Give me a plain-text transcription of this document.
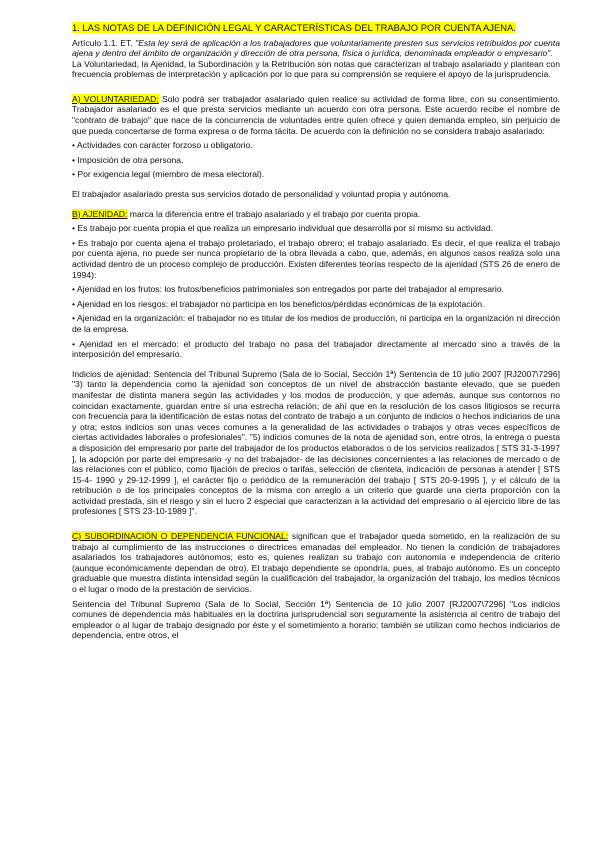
1. LAS NOTAS DE LA DEFINICIÓN LEGAL Y CARACTERÍSTICAS DEL TRABAJO POR CUENTA AJENA.

Artículo 1.1. ET. "Esta ley será de aplicación a los trabajadores que voluntariamente presten sus servicios retribuidos por cuenta ajena y dentro del ámbito de organización y dirección de otra persona, física o jurídica, denominada empleador o empresario".

La Voluntariedad, la Ajenidad, la Subordinación y la Retribución son notas que caracterizan al trabajo asalariado y plantean con frecuencia problemas de interpretación y aplicación por lo que para su comprensión se requiere el apoyo de la jurisprudencia.

A) VOLUNTARIEDAD: Solo podrá ser trabajador asalariado quien realice su actividad de forma libre, con su consentimiento. Trabajador asalariado es el que presta servicios mediante un acuerdo con otra persona. Este acuerdo recibe el nombre de "contrato de trabajo" que nace de la concurrencia de voluntades entre quien ofrece y quien demanda empleo, sin perjuicio de que pueda concertarse de forma expresa o de forma tácita. De acuerdo con la definición no se considera trabajo asalariado:

• Actividades con carácter forzoso u obligatorio.

• Imposición de otra persona.

• Por exigencia legal (miembro de mesa electoral).

El trabajador asalariado presta sus servicios dotado de personalidad y voluntad propia y autónoma.

B) AJENIDAD: marca la diferencia entre el trabajo asalariado y el trabajo por cuenta propia.

• Es trabajo por cuenta propia el que realiza un empresario individual que desarrolla por sí mismo su actividad.

• Es trabajo por cuenta ajena el trabajo proletariado, el trabajo obrero; el trabajo asalariado. Es decir, el que realiza el trabajo por cuenta ajena, no puede ser nunca propietario de la obra llevada a cabo, que, además, en algunos casos realiza solo una actividad dentro de un proceso complejo de producción. Existen diferentes teorías respecto de la ajenidad (STS 26 de enero de 1994):

• Ajenidad en los frutos: los frutos/beneficios patrimoniales son entregados por parte del trabajador al empresario.

• Ajenidad en los riesgos: el trabajador no participa en los beneficios/pérdidas económicas de la explotación.

• Ajenidad en la organización: el trabajador no es titular de los medios de producción, ni participa en la organización ni dirección de la empresa.

• Ajenidad en el mercado: el producto del trabajo no pasa del trabajador directamente al mercado sino a través de la interposición del empresario.

Indicios de ajenidad: Sentencia del Tribunal Supremo (Sala de lo Social, Sección 1ª) Sentencia de 10 julio 2007 [RJ2007\7296] "3) tanto la dependencia como la ajenidad son conceptos de un nivel de abstracción bastante elevado, que se pueden manifestar de distinta manera según las actividades y los modos de producción, y que además, aunque sus contornos no coincidan exactamente, guardan entre sí una estrecha relación; de ahí que en la resolución de los casos litigiosos se recurra con frecuencia para la identificación de estas notas del contrato de trabajo a un conjunto de indicios o hechos indiciarios de una y otra; estos indicios son unas veces comunes a la generalidad de las actividades o trabajos y otras veces específicos de ciertas actividades laborales o profesionales". "5) indicios comunes de la nota de ajenidad son, entre otros, la entrega o puesta a disposición del empresario por parte del trabajador de los productos elaborados o de los servicios realizados [ STS 31-3-1997 ], la adopción por parte del empresario -y no del trabajador- de las decisiones concernientes a las relaciones de mercado o de las relaciones con el público, como fijación de precios o tarifas, selección de clientela, indicación de personas a atender [ STS 15-4- 1990 y 29-12-1999 ], el carácter fijo o periódico de la remuneración del trabajo [ STS 20-9-1995 ], y el cálculo de la retribución o de los principales conceptos de la misma con arreglo a un criterio que guarde una cierta proporción con la actividad prestada, sin el riesgo y sin el lucro 2 especial que caracterizan a la actividad del empresario o al ejercicio libre de las profesiones [ STS 23-10-1989 ]".

C) SUBORDINACIÓN O DEPENDENCIA FUNCIONAL: significan que el trabajador queda sometido, en la realización de su trabajo al cumplimiento de las instrucciones o directrices emanadas del empleador. No tienen la condición de trabajadores asalariados los trabajadores autónomos; esto es, quienes realizan su trabajo con autonomía e independencia de criterio (aunque económicamente dependan de otro). El trabajo dependiente se opondría, pues, al trabajo autónomo. Es un concepto graduable que muestra distinta intensidad según la cualificación del trabajador, la organización del trabajo, los medios técnicos o el lugar o modo de la prestación de servicios.

Sentencia del Tribunal Supremo (Sala de lo Social, Sección 1ª) Sentencia de 10 julio 2007 [RJ2007\7296] "Los indicios comunes de dependencia más habituales en la doctrina jurisprudencial son seguramente la asistencia al centro de trabajo del empleador o al lugar de trabajo designado por éste y el sometimiento a horario; también se utilizan como hechos indiciarios de dependencia, entre otros, el
